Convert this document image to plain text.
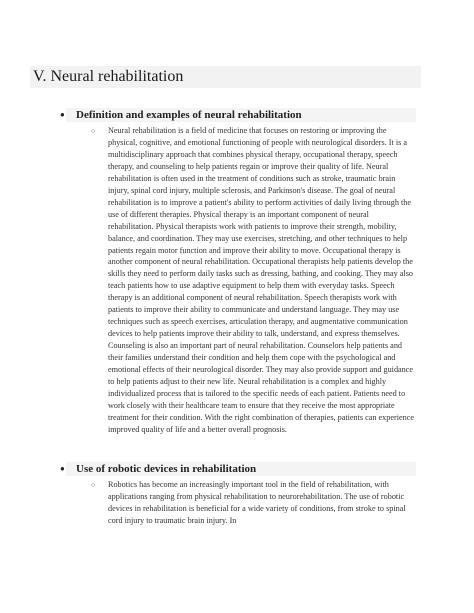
V. Neural rehabilitation
● Definition and examples of neural rehabilitation
○ Neural rehabilitation is a field of medicine that focuses on restoring or improving the physical, cognitive, and emotional functioning of people with neurological disorders. It is a multidisciplinary approach that combines physical therapy, occupational therapy, speech therapy, and counseling to help patients regain or improve their quality of life. Neural rehabilitation is often used in the treatment of conditions such as stroke, traumatic brain injury, spinal cord injury, multiple sclerosis, and Parkinson's disease. The goal of neural rehabilitation is to improve a patient's ability to perform activities of daily living through the use of different therapies. Physical therapy is an important component of neural rehabilitation. Physical therapists work with patients to improve their strength, mobility, balance, and coordination. They may use exercises, stretching, and other techniques to help patients regain motor function and improve their ability to move. Occupational therapy is another component of neural rehabilitation. Occupational therapists help patients develop the skills they need to perform daily tasks such as dressing, bathing, and cooking. They may also teach patients how to use adaptive equipment to help them with everyday tasks. Speech therapy is an additional component of neural rehabilitation. Speech therapists work with patients to improve their ability to communicate and understand language. They may use techniques such as speech exercises, articulation therapy, and augmentative communication devices to help patients improve their ability to talk, understand, and express themselves. Counseling is also an important part of neural rehabilitation. Counselors help patients and their families understand their condition and help them cope with the psychological and emotional effects of their neurological disorder. They may also provide support and guidance to help patients adjust to their new life. Neural rehabilitation is a complex and highly individualized process that is tailored to the specific needs of each patient. Patients need to work closely with their healthcare team to ensure that they receive the most appropriate treatment for their condition. With the right combination of therapies, patients can experience improved quality of life and a better overall prognosis.
● Use of robotic devices in rehabilitation
○ Robotics has become an increasingly important tool in the field of rehabilitation, with applications ranging from physical rehabilitation to neurorehabilitation. The use of robotic devices in rehabilitation is beneficial for a wide variety of conditions, from stroke to spinal cord injury to traumatic brain injury. In
